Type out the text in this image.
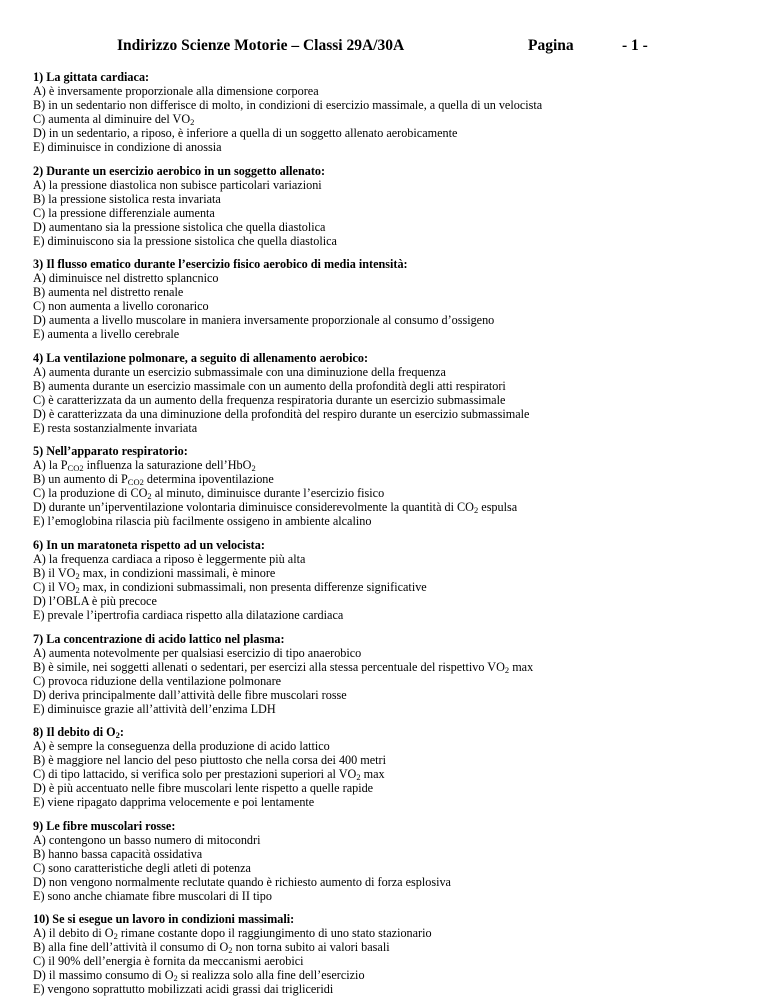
Indirizzo Scienze Motorie – Classi 29A/30A	Pagina	- 1 -
1) La gittata cardiaca:
A) è inversamente proporzionale alla dimensione corporea
B) in un sedentario non differisce di molto, in condizioni di esercizio massimale, a quella di un velocista
C) aumenta al diminuire del $VO_2$
D) in un sedentario, a riposo, è inferiore a quella di un soggetto allenato aerobicamente
E) diminuisce in condizione di anossia
2) Durante un esercizio aerobico in un soggetto allenato:
A) la pressione diastolica non subisce particolari variazioni
B) la pressione sistolica resta invariata
C) la pressione differenziale aumenta
D) aumentano sia la pressione sistolica che quella diastolica
E) diminuiscono sia la pressione sistolica che quella diastolica
3) Il flusso ematico durante l’esercizio fisico aerobico di media intensità:
A) diminuisce nel distretto splancnico
B) aumenta nel distretto renale
C) non aumenta a livello coronarico
D) aumenta a livello muscolare in maniera inversamente proporzionale al consumo d’ossigeno
E) aumenta a livello cerebrale
4) La ventilazione polmonare, a seguito di allenamento aerobico:
A) aumenta durante un esercizio submassimale con una diminuzione della frequenza
B) aumenta durante un esercizio massimale con un aumento della profondità degli atti respiratori
C) è caratterizzata da un aumento della frequenza respiratoria durante un esercizio submassimale
D) è caratterizzata da una diminuzione della profondità del respiro durante un esercizio submassimale
E) resta sostanzialmente invariata
5) Nell’apparato respiratorio:
A) la $P_{CO2}$ influenza la saturazione dell’HbO$_2$
B) un aumento di $P_{CO2}$ determina ipoventilazione
C) la produzione di $CO_2$ al minuto, diminuisce durante l’esercizio fisico
D) durante un’iperventilazione volontaria diminuisce considerevolmente la quantità di $CO_2$ espulsa
E) l’emoglobina rilascia più facilmente ossigeno in ambiente alcalino
6) In un maratoneta rispetto ad un velocista:
A) la frequenza cardiaca a riposo è leggermente più alta
B) il $VO_2$ max, in condizioni massimali, è minore
C) il $VO_2$ max, in condizioni submassimali, non presenta differenze significative
D) l’OBLA è più precoce
E) prevale l’ipertrofia cardiaca rispetto alla dilatazione cardiaca
7) La concentrazione di acido lattico nel plasma:
A) aumenta notevolmente per qualsiasi esercizio di tipo anaerobico
B) è simile, nei soggetti allenati o sedentari, per esercizi alla stessa percentuale del rispettivo $VO_2$ max
C) provoca riduzione della ventilazione polmonare
D) deriva principalmente dall’attività delle fibre muscolari rosse
E) diminuisce grazie all’attività dell’enzima LDH
8) Il debito di $O_2$:
A) è sempre la conseguenza della produzione di acido lattico
B) è maggiore nel lancio del peso piuttosto che nella corsa dei 400 metri
C) di tipo lattacido, si verifica solo per prestazioni superiori al $VO_2$ max
D) è più accentuato nelle fibre muscolari lente rispetto a quelle rapide
E) viene ripagato dapprima velocemente e poi lentamente
9) Le fibre muscolari rosse:
A) contengono un basso numero di mitocondri
B) hanno bassa capacità ossidativa
C) sono caratteristiche degli atleti di potenza
D) non vengono normalmente reclutate quando è richiesto aumento di forza esplosiva
E) sono anche chiamate fibre muscolari di II tipo
10) Se si esegue un lavoro in condizioni massimali:
A) il debito di $O_2$ rimane costante dopo il raggiungimento di uno stato stazionario
B) alla fine dell’attività il consumo di $O_2$ non torna subito ai valori basali
C) il 90% dell’energia è fornita da meccanismi aerobici
D) il massimo consumo di $O_2$ si realizza solo alla fine dell’esercizio
E) vengono soprattutto mobilizzati acidi grassi dai trigliceridi
